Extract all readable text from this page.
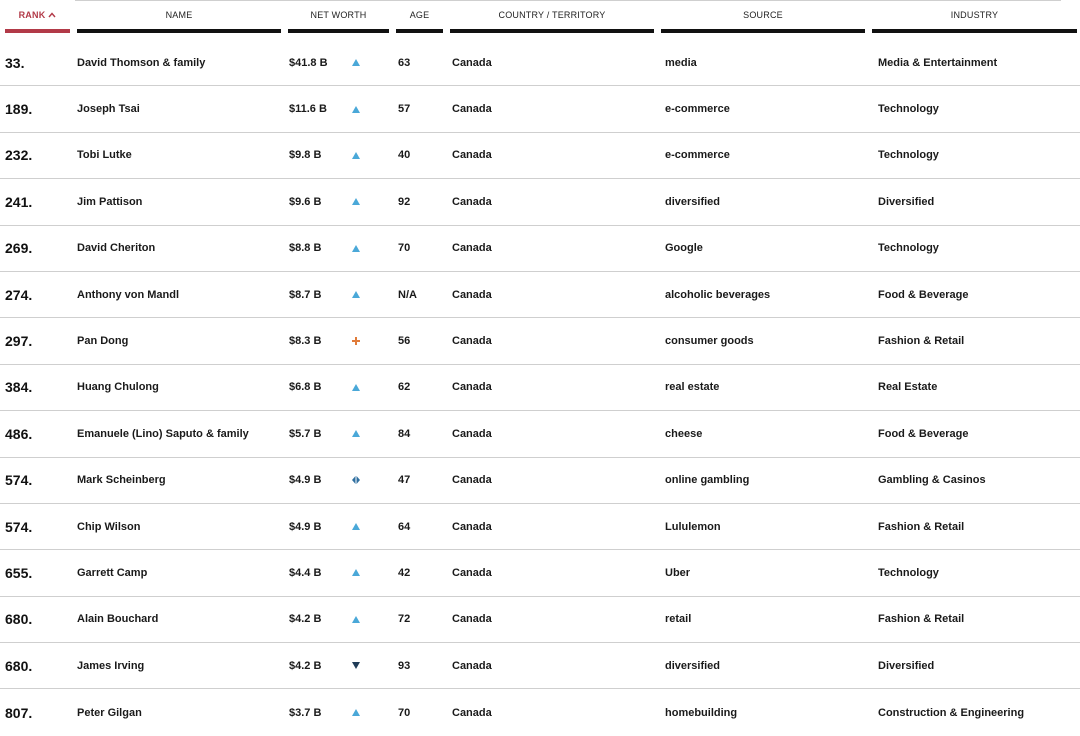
RANK	NAME	NET WORTH	AGE	COUNTRY / TERRITORY	SOURCE	INDUSTRY
33.	David Thomson & family	$41.8 B	63	Canada	media	Media & Entertainment
189.	Joseph Tsai	$11.6 B	57	Canada	e-commerce	Technology
232.	Tobi Lutke	$9.8 B	40	Canada	e-commerce	Technology
241.	Jim Pattison	$9.6 B	92	Canada	diversified	Diversified
269.	David Cheriton	$8.8 B	70	Canada	Google	Technology
274.	Anthony von Mandl	$8.7 B	N/A	Canada	alcoholic beverages	Food & Beverage
297.	Pan Dong	$8.3 B	56	Canada	consumer goods	Fashion & Retail
384.	Huang Chulong	$6.8 B	62	Canada	real estate	Real Estate
486.	Emanuele (Lino) Saputo & family	$5.7 B	84	Canada	cheese	Food & Beverage
574.	Mark Scheinberg	$4.9 B	47	Canada	online gambling	Gambling & Casinos
574.	Chip Wilson	$4.9 B	64	Canada	Lululemon	Fashion & Retail
655.	Garrett Camp	$4.4 B	42	Canada	Uber	Technology
680.	Alain Bouchard	$4.2 B	72	Canada	retail	Fashion & Retail
680.	James Irving	$4.2 B	93	Canada	diversified	Diversified
807.	Peter Gilgan	$3.7 B	70	Canada	homebuilding	Construction & Engineering
